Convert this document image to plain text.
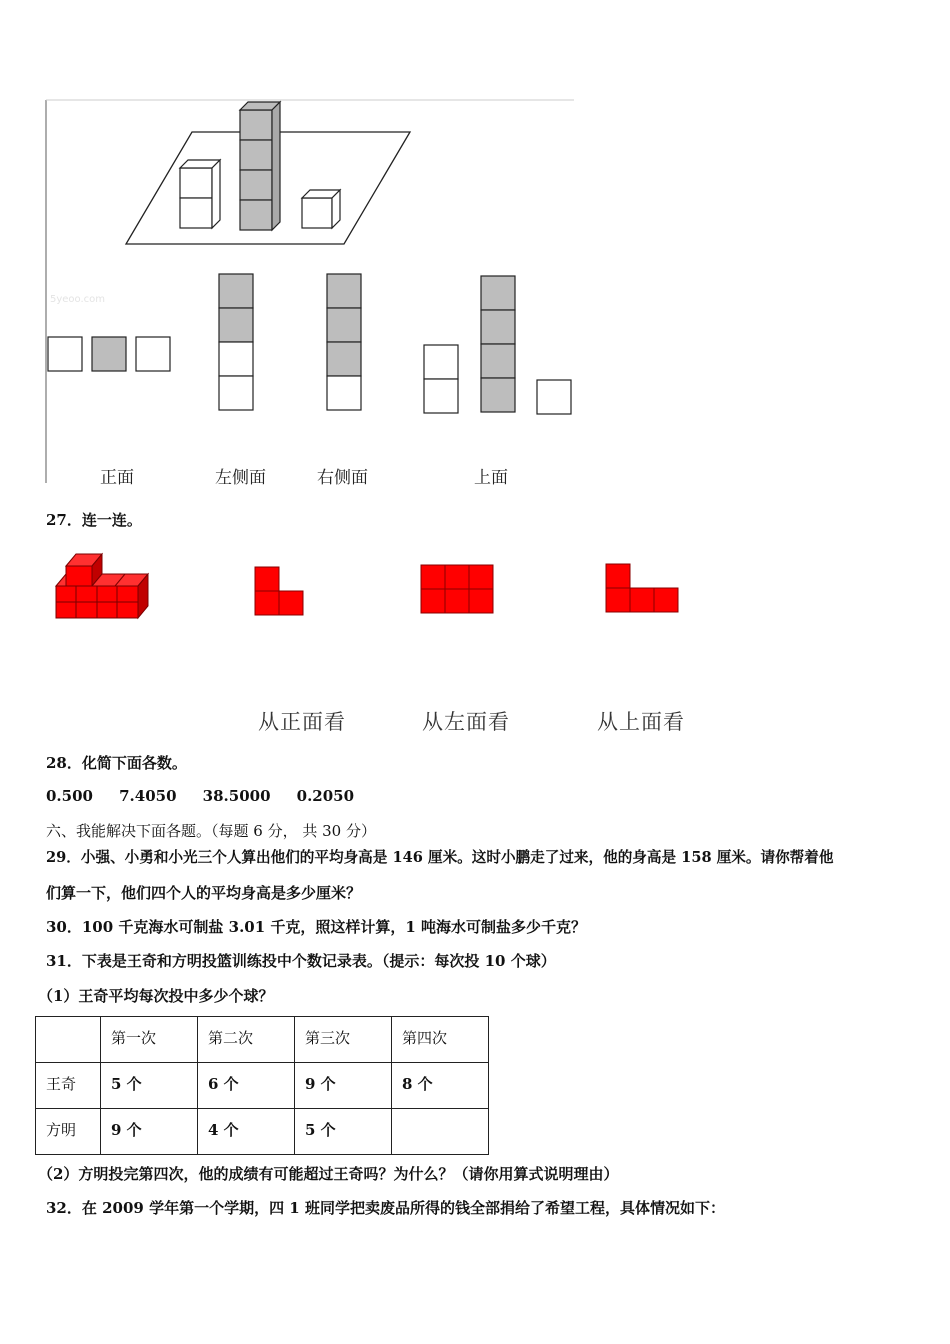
5yeoo.com
正面	左侧面	右侧面	上面
27．连一连。
从正面看	从左面看	从上面看
28．化简下面各数。
0.500 7.4050 38.5000 0.2050
六、我能解决下面各题。（每题 6 分， 共 30 分）
29．小强、小勇和小光三个人算出他们的平均身高是 146 厘米。这时小鹏走了过来，他的身高是 158 厘米。请你帮着他
们算一下，他们四个人的平均身高是多少厘米？
30．100 千克海水可制盐 3.01 千克，照这样计算，1 吨海水可制盐多少千克？
31．下表是王奇和方明投篮训练投中个数记录表。（提示：每次投 10 个球）
（1）王奇平均每次投中多少个球？
	第一次	第二次	第三次	第四次
王奇	5 个	6 个	9 个	8 个
方明	9 个	4 个	5 个	
（2）方明投完第四次，他的成绩有可能超过王奇吗？为什么？（请你用算式说明理由）
32．在 2009 学年第一个学期，四 1 班同学把卖废品所得的钱全部捐给了希望工程，具体情况如下：
